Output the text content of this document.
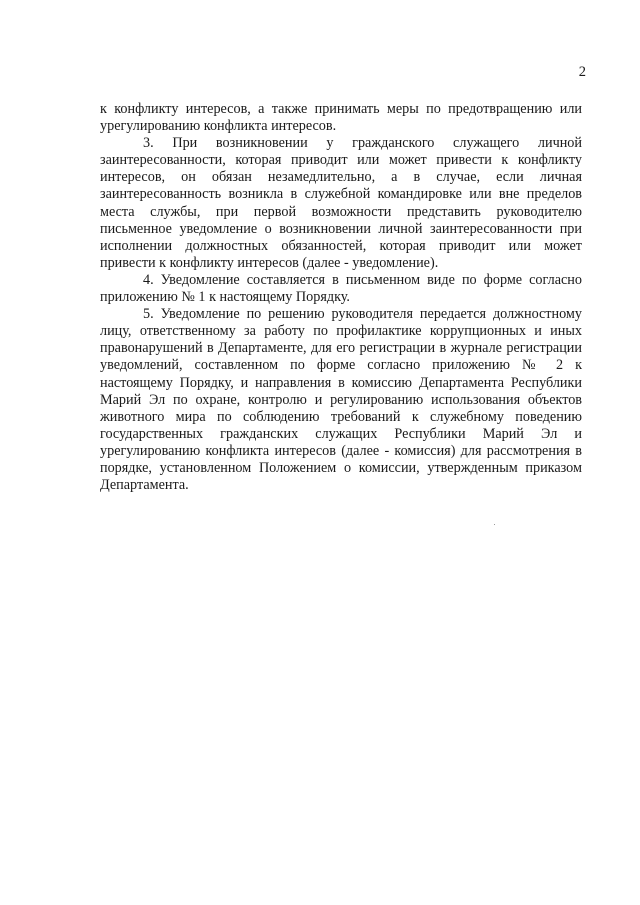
2

к конфликту интересов, а также принимать меры по предотвращению или урегулированию конфликта интересов.

3. При возникновении у гражданского служащего личной заинтересованности, которая приводит или может привести к конфликту интересов, он обязан незамедлительно, а в случае, если личная заинтересованность возникла в служебной командировке или вне пределов места службы, при первой возможности представить руководителю письменное уведомление о возникновении личной заинтересованности при исполнении должностных обязанностей, которая приводит или может привести к конфликту интересов (далее - уведомление).

4. Уведомление составляется в письменном виде по форме согласно приложению № 1 к настоящему Порядку.

5. Уведомление по решению руководителя передается должностному лицу, ответственному за работу по профилактике коррупционных и иных правонарушений в Департаменте, для его регистрации в журнале регистрации уведомлений, составленном по форме согласно приложению № 2 к настоящему Порядку, и направления в комиссию Департамента Республики Марий Эл по охране, контролю и регулированию использования объектов животного мира по соблюдению требований к служебному поведению государственных гражданских служащих Республики Марий Эл и урегулированию конфликта интересов (далее - комиссия) для рассмотрения в порядке, установленном Положением о комиссии, утвержденным приказом Департамента.
